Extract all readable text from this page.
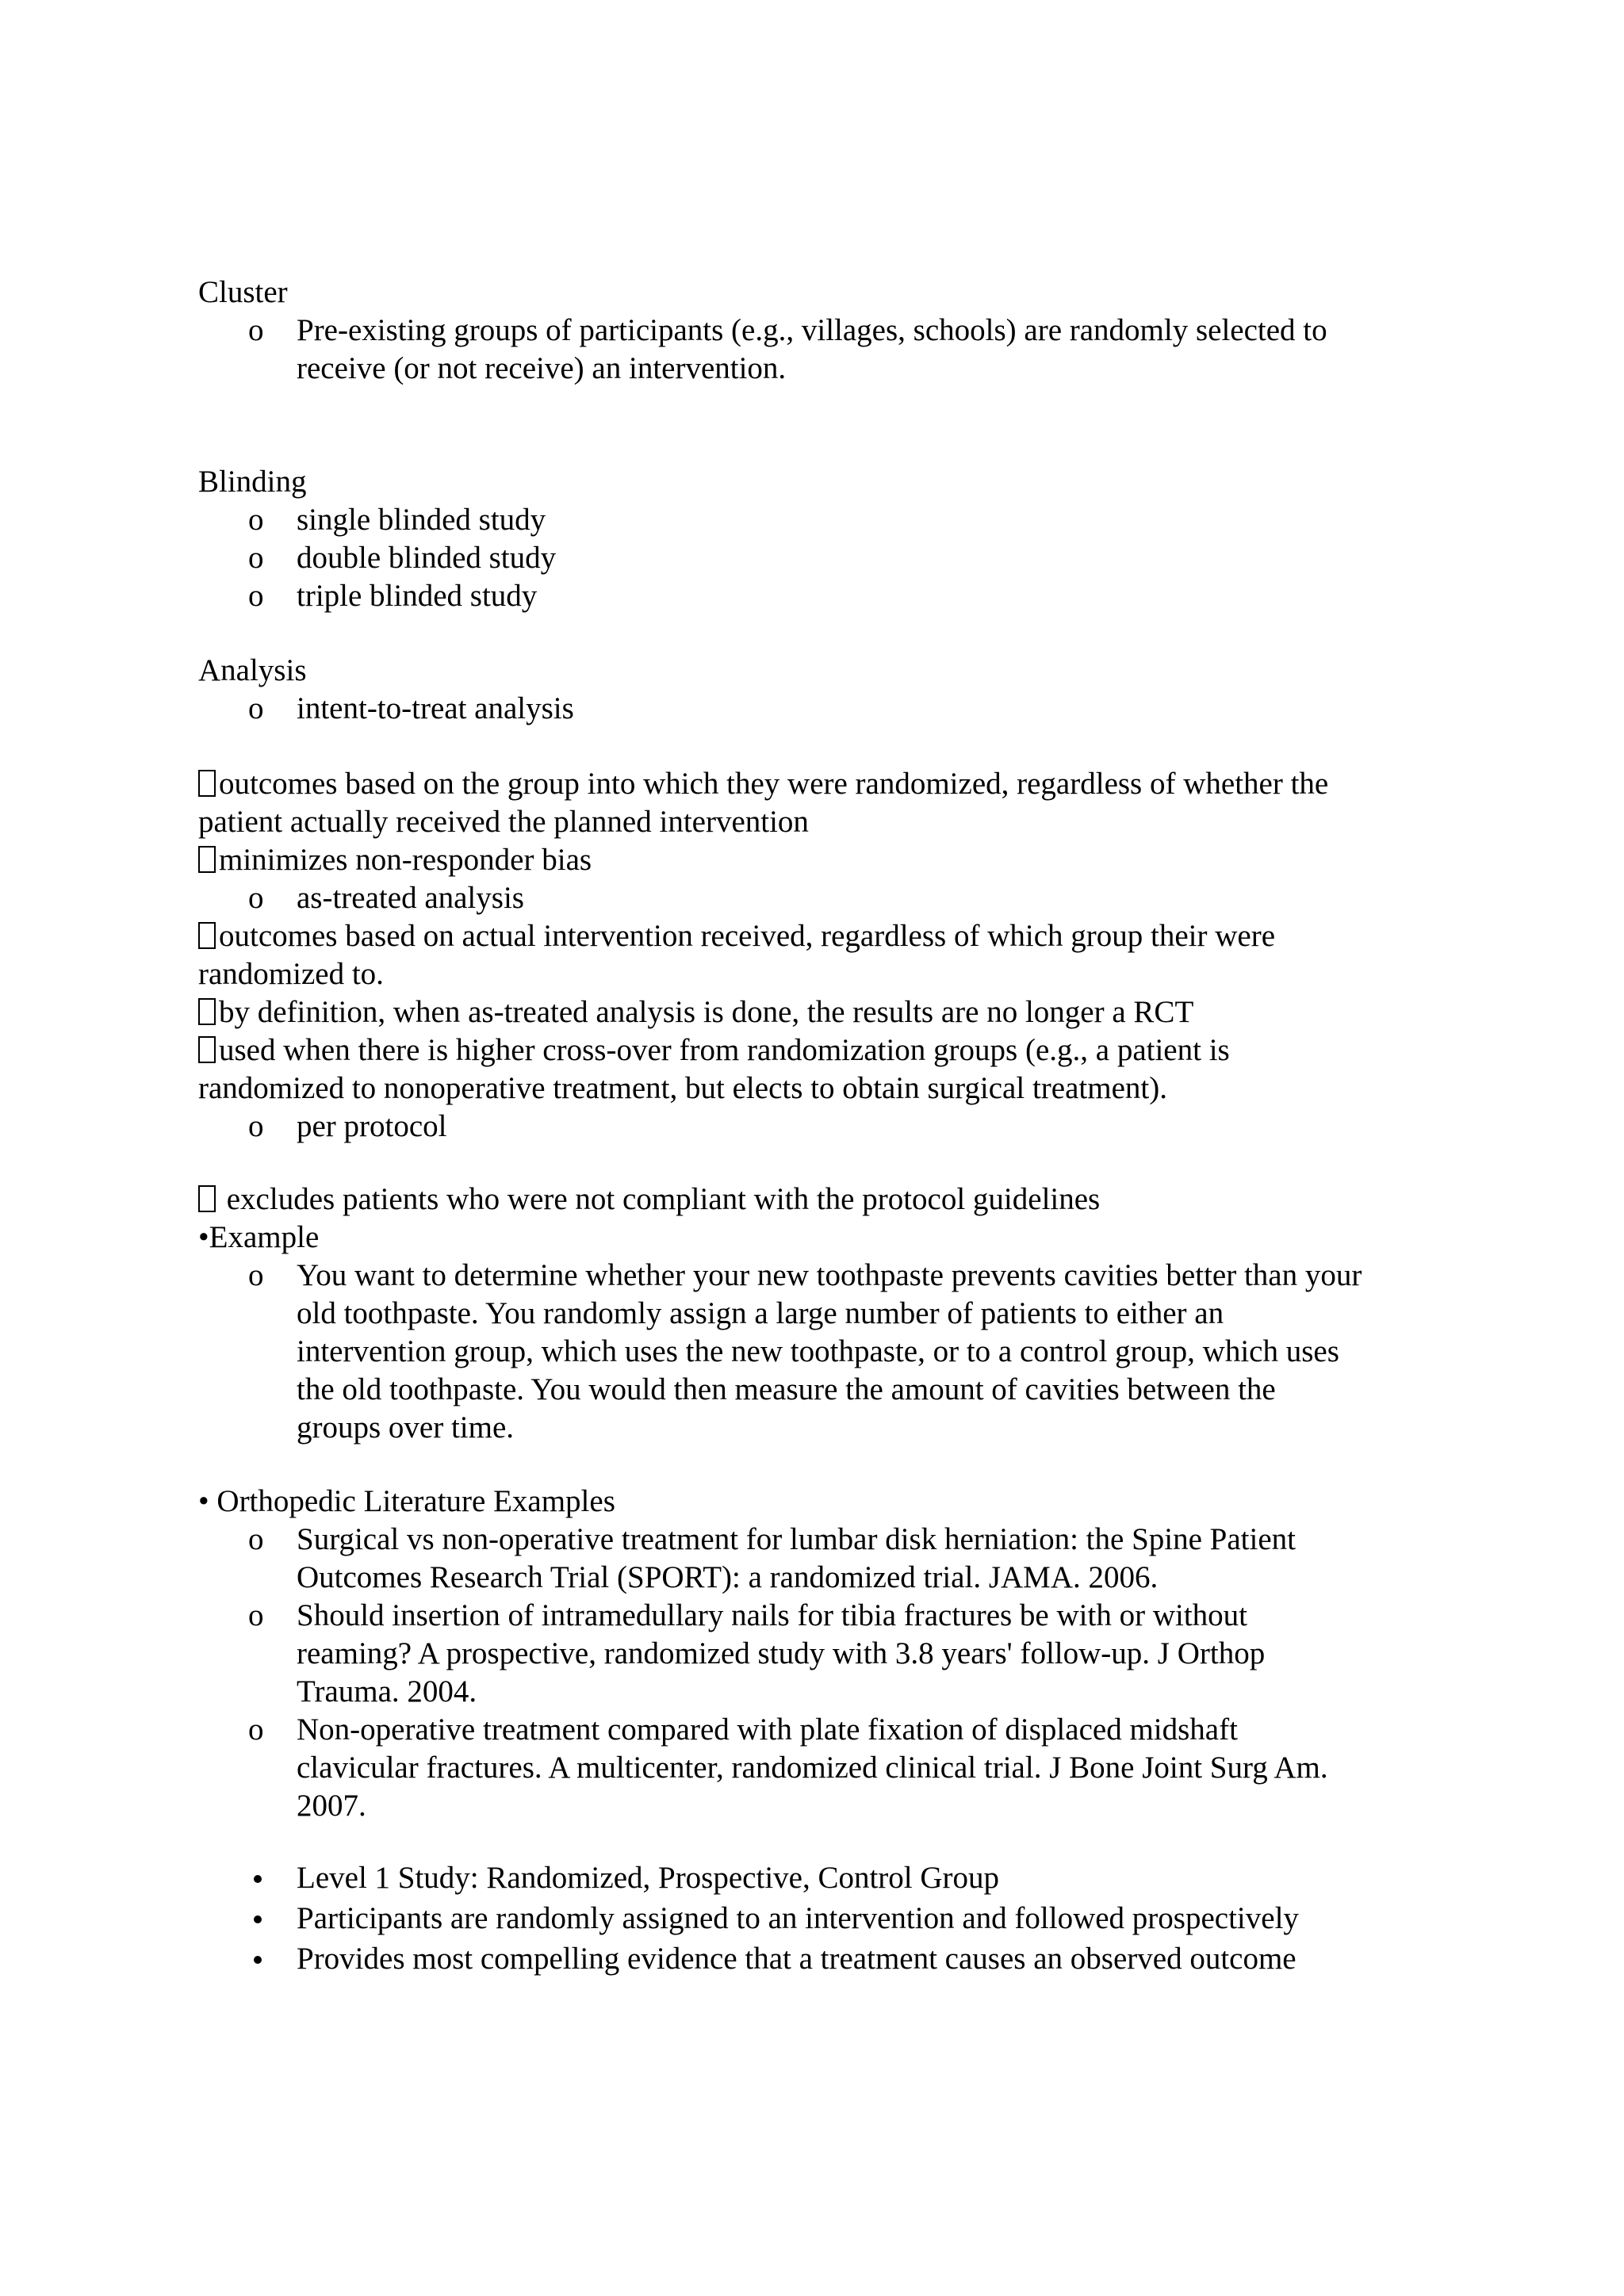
Cluster
o Pre-existing groups of participants (e.g., villages, schools) are randomly selected to
receive (or not receive) an intervention.
Blinding
o single blinded study
o double blinded study
o triple blinded study
Analysis
o intent-to-treat analysis
outcomes based on the group into which they were randomized, regardless of whether the
patient actually received the planned intervention
minimizes non-responder bias
o as-treated analysis
outcomes based on actual intervention received, regardless of which group their were
randomized to.
by definition, when as-treated analysis is done, the results are no longer a RCT
used when there is higher cross-over from randomization groups (e.g., a patient is
randomized to nonoperative treatment, but elects to obtain surgical treatment).
o per protocol
excludes patients who were not compliant with the protocol guidelines
•Example
o You want to determine whether your new toothpaste prevents cavities better than your
old toothpaste. You randomly assign a large number of patients to either an
intervention group, which uses the new toothpaste, or to a control group, which uses
the old toothpaste. You would then measure the amount of cavities between the
groups over time.
• Orthopedic Literature Examples
o Surgical vs non-operative treatment for lumbar disk herniation: the Spine Patient
Outcomes Research Trial (SPORT): a randomized trial. JAMA. 2006.
o Should insertion of intramedullary nails for tibia fractures be with or without
reaming? A prospective, randomized study with 3.8 years' follow-up. J Orthop
Trauma. 2004.
o Non-operative treatment compared with plate fixation of displaced midshaft
clavicular fractures. A multicenter, randomized clinical trial. J Bone Joint Surg Am.
2007.
Level 1 Study: Randomized, Prospective, Control Group
Participants are randomly assigned to an intervention and followed prospectively
Provides most compelling evidence that a treatment causes an observed outcome
